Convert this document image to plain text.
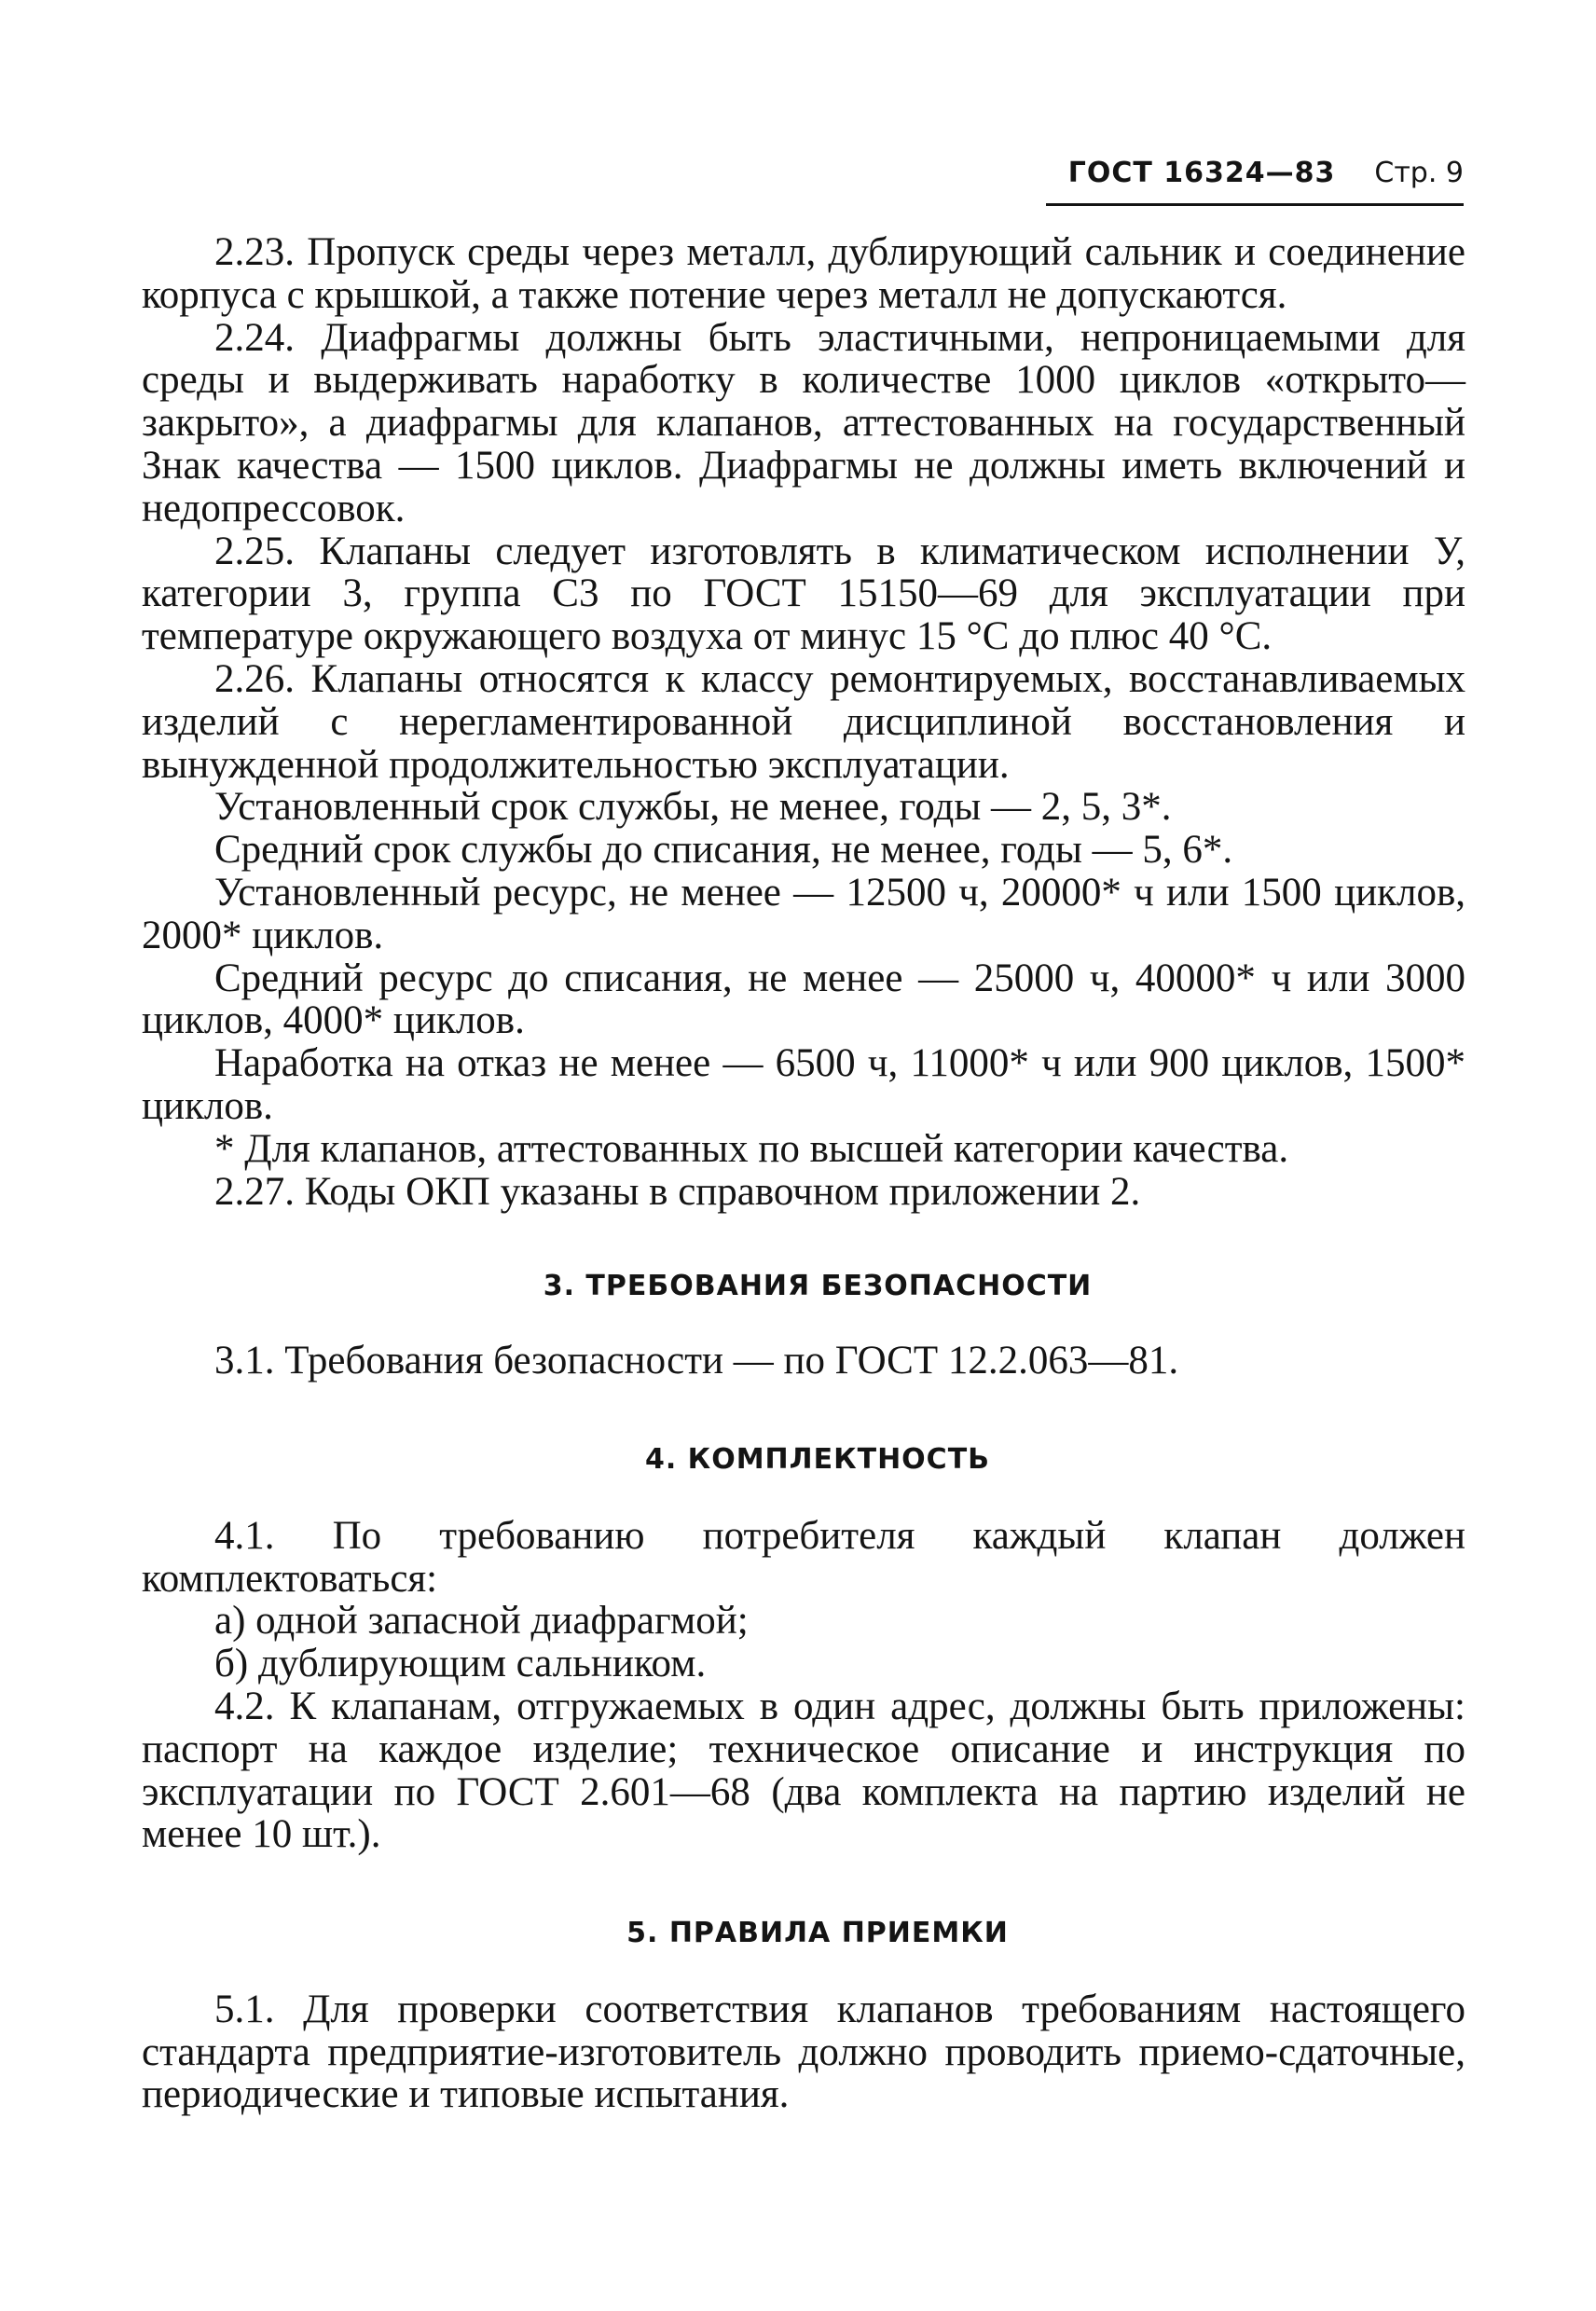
ГОСТ 16324—83 Стр. 9

2.23. Пропуск среды через металл, дублирующий сальник и соединение корпуса с крышкой, а также потение через металл не допускаются.

2.24. Диафрагмы должны быть эластичными, непроницаемыми для среды и выдерживать наработку в количестве 1000 циклов «открыто—закрыто», а диафрагмы для клапанов, аттестованных на государственный Знак качества — 1500 циклов. Диафрагмы не должны иметь включений и недопрессовок.

2.25. Клапаны следует изготовлять в климатическом исполнении У, категории 3, группа С3 по ГОСТ 15150—69 для эксплуатации при температуре окружающего воздуха от минус 15 °С до плюс 40 °С.

2.26. Клапаны относятся к классу ремонтируемых, восстанавливаемых изделий с нерегламентированной дисциплиной восстановления и вынужденной продолжительностью эксплуатации.

Установленный срок службы, не менее, годы — 2, 5, 3*.

Средний срок службы до списания, не менее, годы — 5, 6*.

Установленный ресурс, не менее — 12500 ч, 20000* ч или 1500 циклов, 2000* циклов.

Средний ресурс до списания, не менее — 25000 ч, 40000* ч или 3000 циклов, 4000* циклов.

Наработка на отказ не менее — 6500 ч, 11000* ч или 900 циклов, 1500* циклов.

* Для клапанов, аттестованных по высшей категории качества.

2.27. Коды ОКП указаны в справочном приложении 2.

3. ТРЕБОВАНИЯ БЕЗОПАСНОСТИ

3.1. Требования безопасности — по ГОСТ 12.2.063—81.

4. КОМПЛЕКТНОСТЬ

4.1. По требованию потребителя каждый клапан должен комплектоваться:

а) одной запасной диафрагмой;

б) дублирующим сальником.

4.2. К клапанам, отгружаемых в один адрес, должны быть приложены: паспорт на каждое изделие; техническое описание и инструкция по эксплуатации по ГОСТ 2.601—68 (два комплекта на партию изделий не менее 10 шт.).

5. ПРАВИЛА ПРИЕМКИ

5.1. Для проверки соответствия клапанов требованиям настоящего стандарта предприятие-изготовитель должно проводить приемо-сдаточные, периодические и типовые испытания.
